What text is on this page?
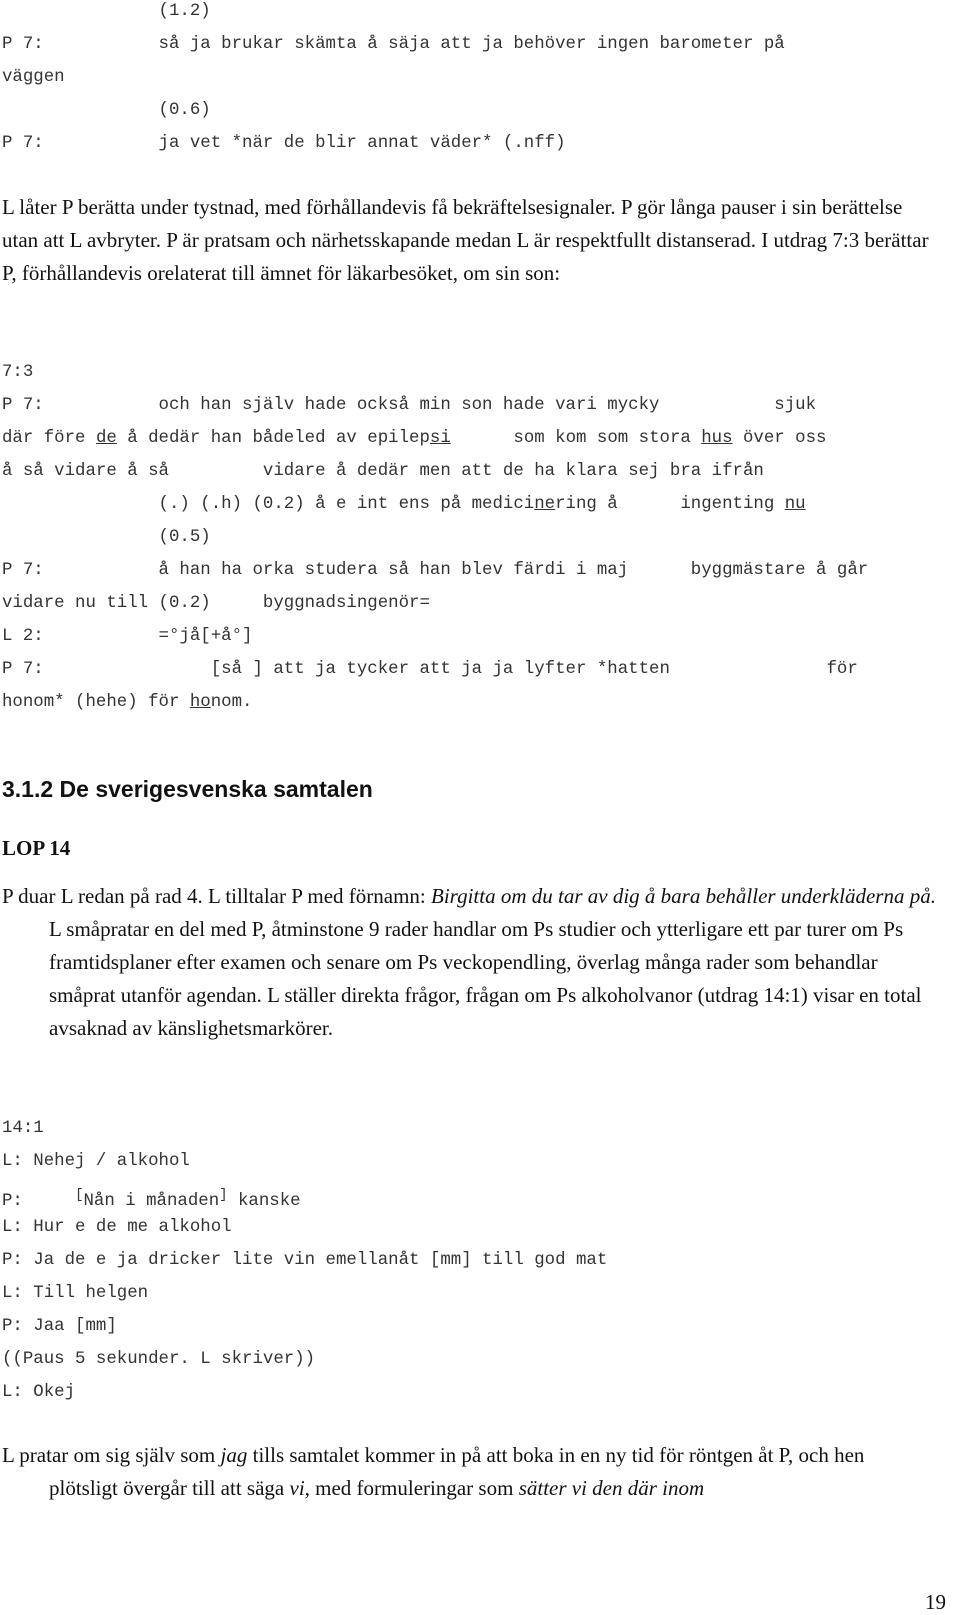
(1.2)
P 7:           så ja brukar skämta å säja att ja behöver ingen barometer på
väggen
(0.6)
P 7:           ja vet *när de blir annat väder* (.nff)
L låter P berätta under tystnad, med förhållandevis få bekräftelsesignaler. P gör långa pauser i sin berättelse utan att L avbryter. P är pratsam och närhetsskapande medan L är respektfullt distanserad. I utdrag 7:3 berättar P, förhållandevis orelaterat till ämnet för läkarbesöket, om sin son:
7:3
P 7:           och han själv hade också min son hade vari mycky           sjuk
där före de å dedär han bådeled av epilepsi      som kom som stora hus över oss
å så vidare å så         vidare å dedär men att de ha klara sej bra ifrån
(.) (.h) (0.2) å e int ens på medicinering å      ingenting nu
(0.5)
P 7:           å han ha orka studera så han blev färdi i maj      byggmästare å går
vidare nu till (0.2)     byggnadsingenör=
L 2:           =°jå[+å°]
P 7:                [så ] att ja tycker att ja ja lyfter *hatten               för
honom* (hehe) för honom.
3.1.2 De sverigesvenska samtalen
LOP 14
P duar L redan på rad 4. L tilltalar P med förnamn: Birgitta om du tar av dig å bara behåller underkläderna på. L småpratar en del med P, åtminstone 9 rader handlar om Ps studier och ytterligare ett par turer om Ps framtidsplaner efter examen och senare om Ps veckopendling, överlag många rader som behandlar småprat utanför agendan. L ställer direkta frågor, frågan om Ps alkoholvanor (utdrag 14:1) visar en total avsaknad av känslighetsmarkörer.
14:1
L: Nehej / alkohol
P:     [Nån i månaden] kanske
L: Hur e de me alkohol
P: Ja de e ja dricker lite vin emellanåt [mm] till god mat
L: Till helgen
P: Jaa [mm]
((Paus 5 sekunder. L skriver))
L: Okej
L pratar om sig själv som jag tills samtalet kommer in på att boka in en ny tid för röntgen åt P, och hen plötsligt övergår till att säga vi, med formuleringar som sätter vi den där inom
19
